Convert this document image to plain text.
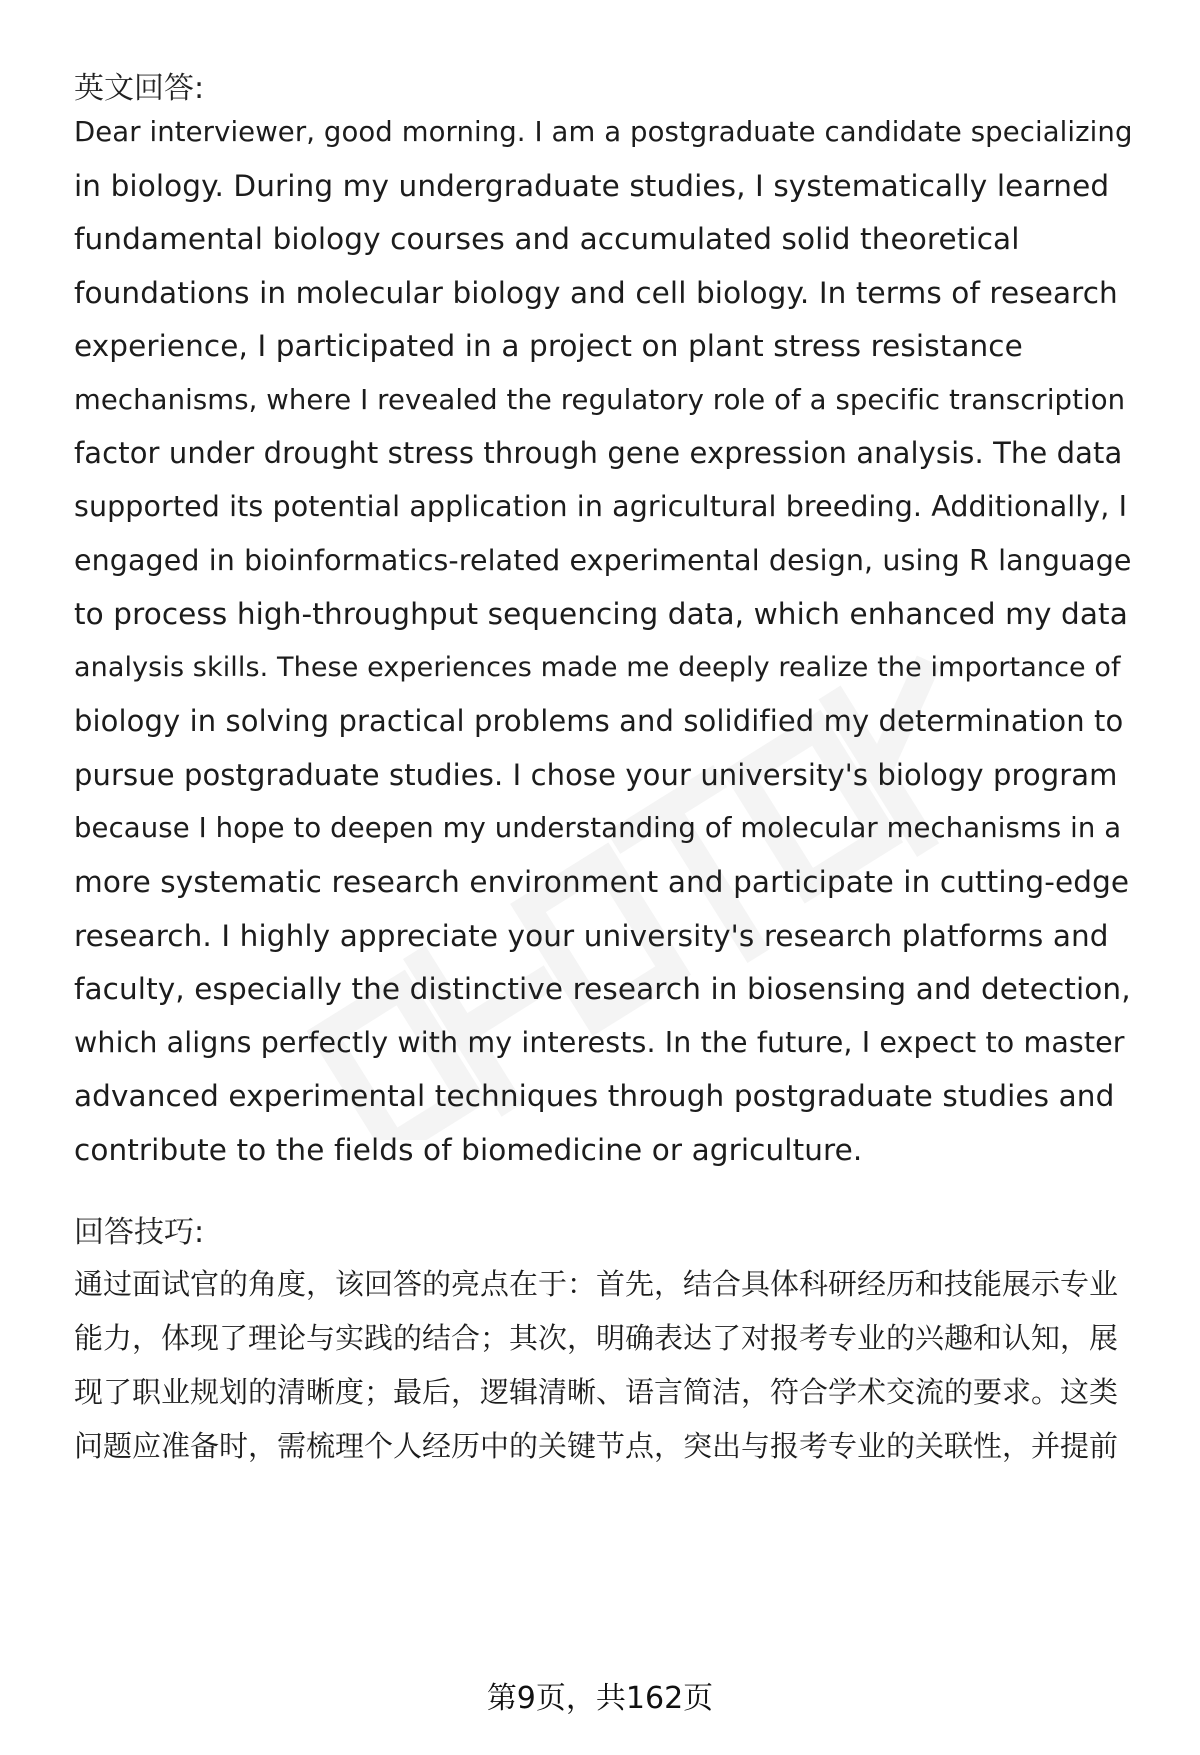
英文回答:
Dear interviewer, good morning. I am a postgraduate candidate specializing
in biology. During my undergraduate studies, I systematically learned
fundamental biology courses and accumulated solid theoretical
foundations in molecular biology and cell biology. In terms of research
experience, I participated in a project on plant stress resistance
mechanisms, where I revealed the regulatory role of a specific transcription
factor under drought stress through gene expression analysis. The data
supported its potential application in agricultural breeding. Additionally, I
engaged in bioinformatics-related experimental design, using R language
to process high-throughput sequencing data, which enhanced my data
analysis skills. These experiences made me deeply realize the importance of
biology in solving practical problems and solidified my determination to
pursue postgraduate studies. I chose your university's biology program
because I hope to deepen my understanding of molecular mechanisms in a
more systematic research environment and participate in cutting-edge
research. I highly appreciate your university's research platforms and
faculty, especially the distinctive research in biosensing and detection,
which aligns perfectly with my interests. In the future, I expect to master
advanced experimental techniques through postgraduate studies and
contribute to the fields of biomedicine or agriculture.
回答技巧:
通过面试官的角度，该回答的亮点在于：首先，结合具体科研经历和技能展示专业
能力，体现了理论与实践的结合；其次，明确表达了对报考专业的兴趣和认知，展
现了职业规划的清晰度；最后，逻辑清晰、语言简洁，符合学术交流的要求。这类
问题应准备时，需梳理个人经历中的关键节点，突出与报考专业的关联性，并提前
第9页，共162页
